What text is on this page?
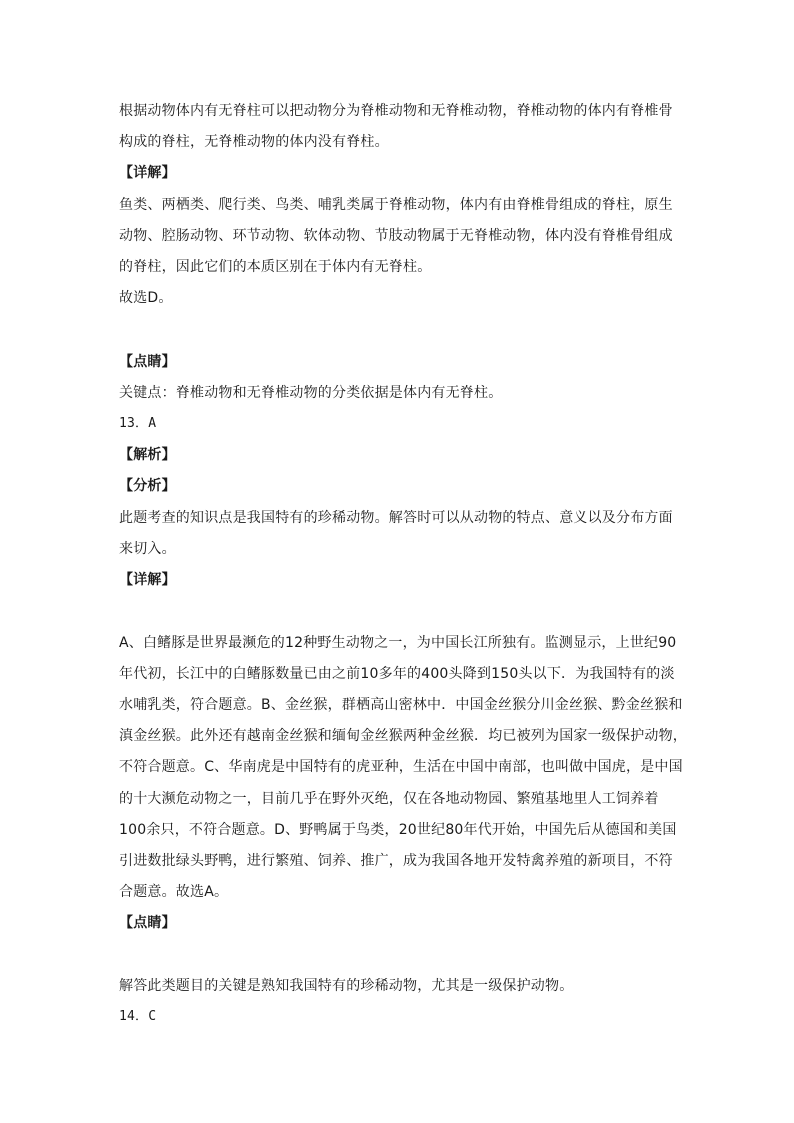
根据动物体内有无脊柱可以把动物分为脊椎动物和无脊椎动物，脊椎动物的体内有脊椎骨
构成的脊柱，无脊椎动物的体内没有脊柱。
【详解】
鱼类、两栖类、爬行类、鸟类、哺乳类属于脊椎动物，体内有由脊椎骨组成的脊柱，原生
动物、腔肠动物、环节动物、软体动物、节肢动物属于无脊椎动物，体内没有脊椎骨组成
的脊柱，因此它们的本质区别在于体内有无脊柱。
故选D。
【点睛】
关键点：脊椎动物和无脊椎动物的分类依据是体内有无脊柱。
13．A
【解析】
【分析】
此题考查的知识点是我国特有的珍稀动物。解答时可以从动物的特点、意义以及分布方面
来切入。
【详解】
A、白鳍豚是世界最濒危的12种野生动物之一，为中国长江所独有。监测显示，上世纪90
年代初，长江中的白鳍豚数量已由之前10多年的400头降到150头以下．为我国特有的淡
水哺乳类，符合题意。B、金丝猴，群栖高山密林中．中国金丝猴分川金丝猴、黔金丝猴和
滇金丝猴。此外还有越南金丝猴和缅甸金丝猴两种金丝猴．均已被列为国家一级保护动物，
不符合题意。C、华南虎是中国特有的虎亚种，生活在中国中南部，也叫做中国虎，是中国
的十大濒危动物之一，目前几乎在野外灭绝，仅在各地动物园、繁殖基地里人工饲养着
100余只，不符合题意。D、野鸭属于鸟类，20世纪80年代开始，中国先后从德国和美国
引进数批绿头野鸭，进行繁殖、饲养、推广，成为我国各地开发特禽养殖的新项目，不符
合题意。故选A。
【点睛】
解答此类题目的关键是熟知我国特有的珍稀动物，尤其是一级保护动物。
14．C
